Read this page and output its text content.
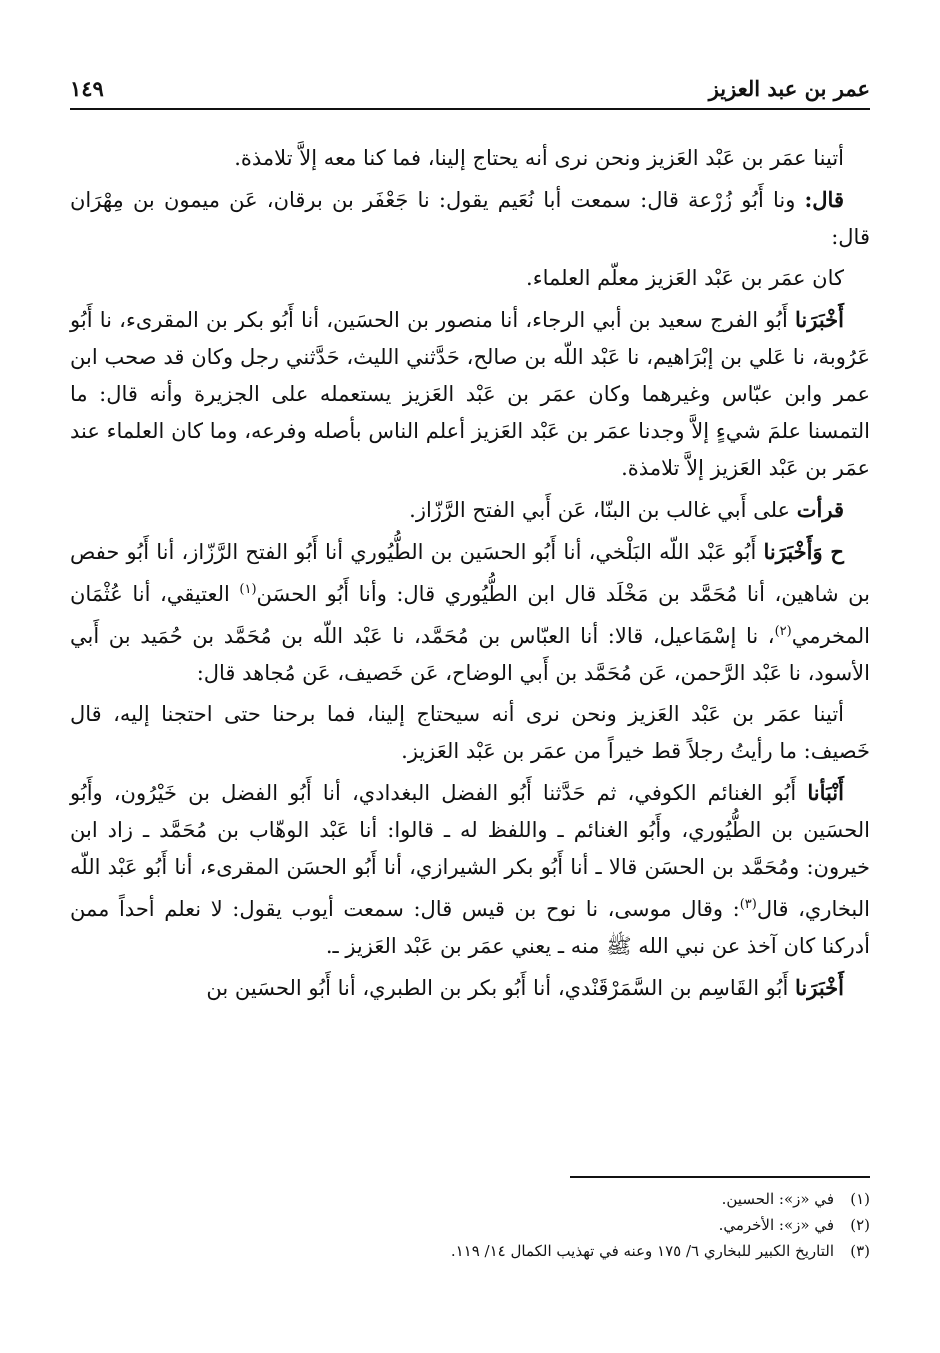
عمر بن عبد العزيز
١٤٩

أتينا عمَر بن عَبْد العَزيز ونحن نرى أنه يحتاج إلينا، فما كنا معه إلاَّ تلامذة.

قال: ونا أَبُو زُرْعة قال: سمعت أبا نُعَيم يقول: نا جَعْفَر بن برقان، عَن ميمون بن مِهْرَان قال:

كان عمَر بن عَبْد العَزيز معلّم العلماء.

أَخْبَرَنا أَبُو الفرج سعيد بن أبي الرجاء، أنا منصور بن الحسَين، أنا أَبُو بكر بن المقرىء، نا أَبُو عَرُوبة، نا عَلي بن إبْرَاهيم، نا عَبْد اللّه بن صالح، حَدَّثني الليث، حَدَّثني رجل وكان قد صحب ابن عمر وابن عبّاس وغيرهما وكان عمَر بن عَبْد العَزيز يستعمله على الجزيرة وأنه قال: ما التمسنا علمَ شيءٍ إلاَّ وجدنا عمَر بن عَبْد العَزيز أعلم الناس بأصله وفرعه، وما كان العلماء عند عمَر بن عَبْد العَزيز إلاَّ تلامذة.

قرأت على أَبي غالب بن البنّا، عَن أَبي الفتح الرَّزّاز.

ح وَأَخْبَرَنا أَبُو عَبْد اللّه البَلْخي، أنا أَبُو الحسَين بن الطُّيُوري أنا أَبُو الفتح الرَّزّاز، أنا أَبُو حفص بن شاهين، أنا مُحَمَّد بن مَخْلَد قال ابن الطُّيُوري قال: وأنا أَبُو الحسَن$^{(١)}$ العتيقي، أنا عُثْمَان المخرمي$^{(٢)}$، نا إسْمَاعيل، قالا: أنا العبّاس بن مُحَمَّد، نا عَبْد اللّه بن مُحَمَّد بن حُمَيد بن أَبي الأسود، نا عَبْد الرَّحمن، عَن مُحَمَّد بن أَبي الوضاح، عَن خَصيف، عَن مُجاهد قال:

أتينا عمَر بن عَبْد العَزيز ونحن نرى أنه سيحتاج إلينا، فما برحنا حتى احتجنا إليه، قال خَصيف: ما رأيتُ رجلاً قط خيراً من عمَر بن عَبْد العَزيز.

أَنْبَأنا أَبُو الغنائم الكوفي، ثم حَدَّثنا أَبُو الفضل البغدادي، أنا أَبُو الفضل بن خَيْرُون، وأَبُو الحسَين بن الطُّيُوري، وأَبُو الغنائم ـ واللفظ له ـ قالوا: أنا عَبْد الوهّاب بن مُحَمَّد ـ زاد ابن خيرون: ومُحَمَّد بن الحسَن قالا ـ أنا أَبُو بكر الشيرازي، أنا أَبُو الحسَن المقرىء، أنا أَبُو عَبْد اللّه البخاري، قال$^{(٣)}$: وقال موسى، نا نوح بن قيس قال: سمعت أيوب يقول: لا نعلم أحداً ممن أدركنا كان آخذ عن نبي الله ﷺ منه ـ يعني عمَر بن عَبْد العَزيز ـ.

أَخْبَرَنا أَبُو القَاسِم بن السَّمَرْقَنْدي، أنا أَبُو بكر بن الطبري، أنا أَبُو الحسَين بن

(١)
في «ز»: الحسين.
(٢)
في «ز»: الأخرمي.
(٣)
التاريخ الكبير للبخاري ٦/ ١٧٥ وعنه في تهذيب الكمال ١٤/ ١١٩.
